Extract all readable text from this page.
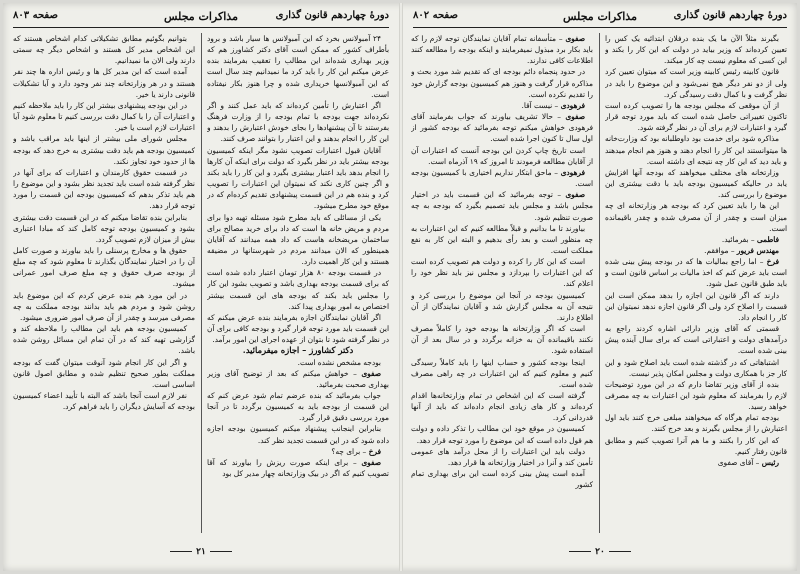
دورهٔ چهاردهم قانون گذاری
مذاکرات مجلس
صفحه ۸۰۳

۲۴ آمبولانس بخرد که این آمبولانس ها سیار باشد و برود بأطراف کشور که ممکن است آقای دکتر کشاورز هم که وزیر بهداری شده‌اند این مطالب را تعقیب بفرمایند بنده عرض میکنم این کار را باید کرد ما نمیدانیم چند سال است که این آمبولانسها خریداری شده و چرا هنوز بکار نیفتاده است.

اگر اعتبارش را تأمین کرده‌اند که باید عمل کنند و اگر نکرده‌اند جهت بودجه با تمام بودجه را از وزارت فرهنگ بفرستند تا آن پیشنهادها را بجای خودش اعتبارش را بدهند و این کار را انجام بدهند و این اعتبار را بتوانند صرف کنند.

آقایان قبول اعتبارات تصویب نشود مگر اینکه کمیسیون بودجه بیشتر باید در نظر بگیرد که دولت برای اینکه آن کارها را انجام بدهد باید اعتبار بیشتری بگیرد و این کار را باید بکند و اگر چنین کاری نکند که نمیتوان این اعتبارات را تصویب کرد و بنده هم در این قسمت پیشنهادی تقدیم کرده‌ام که در موقع خود مطرح میشود.

یکی از مسائلی که باید مطرح شود مسئله تهیه دوا برای مردم و مریض خانه ها است که داد برای خرید مصالح برای ساختمان مریضخانه هاست که داد همه میدانند که آقایان همینطور که الان میدانند مردم در شهرستانها در مضیقه هستند و این کار اهمیت دارد.

در قسمت بودجه ۸۰ هزار تومان اعتبار داده شده است که برای قسمت بودجه بهداری باشد و تصویب بشود این کار را مجلس باید بکند که بودجه های این قسمت بیشتر اختصاص به امور بهداری پیدا کند.

اگر آقایان نمایندگان اجازه بفرمایند بنده عرض میکنم که این قسمت باید مورد توجه قرار گیرد و بودجه کافی برای آن در نظر گرفته شود تا بتوان از عهده اجرای این امور برآمد.

دکتر کشاورز – اجازه میفرمائید.

بودجه مشخص نشده است.

صفوی – خواهش میکنم که بعد از توضیح آقای وزیر بهداری صحبت بفرمائید.

جواب بفرمائید که بنده عرضم تمام شود عرض کنم که این قسمت از بودجه باید به کمیسیون برگردد تا در آنجا مورد بررسی دقیق قرار گیرد.

بنابراین اینجانب پیشنهاد میکنم کمیسیون بودجه اجازه داده شود که در این قسمت تجدید نظر کند.

فرخ – برای چه؟

صفوی – برای اینکه صورت ریزش را بیاورند که آقا تصویب کنیم که اگر در بیک وزارتخانه چهار مدیر کل بود

بتوانیم بگوئیم مطابق تشکیلاتی کدام اشخاص هستند که این اشخاص مدیر کل هستند و اشخاص دیگر چه سمتی دارند ولی الان ما نمیدانیم.

آمده است که این مدیر کل ها و رئیس اداره ها چند نفر هستند و در هر وزارتخانه چند نفر وجود دارد و آیا تشکیلات قانونی دارند یا خیر.

در این بودجه پیشنهادی بیشتر این کار را باید ملاحظه کنیم و اعتبارات آن را با کمال دقت بررسی کنیم تا معلوم شود آیا اعتبارات لازم است یا خیر.

مجلس شورای ملی بیشتر از اینها باید مراقب باشد و کمیسیون بودجه هم باید دقت بیشتری به خرج دهد که بودجه ها از حدود خود تجاوز نکند.

در قسمت حقوق کارمندان و اعتبارات که برای آنها در نظر گرفته شده است باید تجدید نظر بشود و این موضوع را هم باید تذکر بدهم که کمیسیون بودجه این قسمت را مورد توجه قرار دهد.

بنابراین بنده تقاضا میکنم که در این قسمت دقت بیشتری بشود و کمیسیون بودجه توجه کامل کند که مبادا اعتباری بیش از میزان لازم تصویب گردد.

حقوق ها و مخارج پرسنلی را باید بیاورند و صورت کامل آن را در اختیار نمایندگان بگذارند تا معلوم شود که چه مبلغ از بودجه صرف حقوق و چه مبلغ صرف امور عمرانی میشود.

در این مورد هم بنده عرض کردم که این موضوع باید روشن شود و مردم هم باید بدانند بودجه مملکت به چه مصرفی میرسد و چقدر از آن صرف امور ضروری میشود.

کمیسیون بودجه هم باید این مطالب را ملاحظه کند و گزارشی تهیه کند که در آن تمام این مسائل روشن شده باشد.

و اگر این کار انجام شود آنوقت میتوان گفت که بودجه مملکت بطور صحیح تنظیم شده و مطابق اصول قانون اساسی است.

نفر لازم است آنجا باشد که البته با تأیید اعضاء کمیسیون بودجه که آسایش دیگران را باید فراهم کرد.

۲۱
دورهٔ چهاردهم قانون گذاری
مذاکرات مجلس
صفحه ۸۰۲

بگیرند مثلاً الآن ما یک بنده درفلان ابتدائیه یک کس را تعیین کرده‌اند که وزیر بیاید در دولت که این کار را بکند و این کسی که معلوم نیست چه کار میکند.

قانون کابینه رئیس کابینه وزیر است که میتوان تعیین کرد ولی از دو نفر دیگر هیچ نمی‌شود و این موضوع را باید در نظر گرفت و با کمال دقت رسیدگی کرد.

از آن موقعی که مجلس بودجه ها را تصویب کرده است تاکنون تغییراتی حاصل شده است که باید مورد توجه قرار گیرد و اعتبارات لازم برای آن در نظر گرفته شود.

مذاکره شود برای خدمت بود داوطلبانه بود که وزارت‌خانه ها میتوانستند این کار را انجام دهند و هنوز هم انجام میدهند و باید دید که این کار چه نتیجه ای داشته است.

وزارتخانه های مختلف میخواهند که بودجه آنها افزایش یابد در حالیکه کمیسیون بودجه باید با دقت بیشتری این موضوع را بررسی کند.

این ها را باید تعیین کرد که بودجه هر وزارتخانه ای چه میزان است و چقدر از آن مصرف شده و چقدر باقیمانده است.

فاطمی – بفرمائید.

مهندس فریور – موافقم.

فرخ – اما راجع بمالیات ها که در بودجه پیش بینی شده است باید عرض کنم که اخذ مالیات بر اساس قانون است و باید طبق قانون عمل شود.

دارند که اگر قانون این اجازه را بدهد ممکن است این قسمت را اصلاح کرد ولی اگر قانون اجازه ندهد نمیتوان این کار را انجام داد.

قسمتی که آقای وزیر دارائی اشاره کردند راجع به درآمدهای دولت و اعتباراتی است که برای سال آینده پیش بینی شده است.

اشتباهاتی که در گذشته شده است باید اصلاح شود و این کار جز با همکاری دولت و مجلس امکان پذیر نیست.

بنده از آقای وزیر تقاضا دارم که در این مورد توضیحات لازم را بفرمایند که معلوم شود این اعتبارات به چه مصرفی خواهد رسید.

بودجه تمام هرگاه که میخواهند مبلغی خرج کنند باید اول اعتبارش را از مجلس بگیرند و بعد خرج کنند.

که این کار را بکنند و ما هم آنرا تصویب کنیم و مطابق قانون رفتار کنیم.

رئیس – آقای صفوی

صفوی – متأسفانه تمام آقایان نمایندگان توجه لازم را که باید بکار برد مبذول نمیفرمایند و اینکه بودجه را مطالعه کنند اطلاعات کافی ندارند.

در حدود پنجماه دائم بودجه ای که تقدیم شد مورد بحث و مذاکره قرار گرفت و هنوز هم کمیسیون بودجه گزارش خود را تقدیم نکرده است.

فرهودی – نیست آقا.

صفوی – حالا تشریف بیاورند که جواب بفرمایند آقای فرهودی خواهش میکنم توجه بفرمائید که بودجه کشور از اول سال تا کنون اجرا شده است.

است تاریخ چاپ کردن این بودجه آنست که اعتبارات آن از آقایان مطالعه فرمودند تا امروز که ۱۹ آذرماه است.

فرهودی – ماحق ابتکار نداریم اختیاری با کمیسیون بودجه است.

صفوی – توجه بفرمائید که این قسمت باید در اختیار مجلس باشد و مجلس باید تصمیم بگیرد که بودجه به چه صورت تنظیم شود.

بیاورند تا ما بدانیم و قبلاً مطالعه کنیم که این اعتبارات به چه منظور است و بعد رأی بدهیم و البته این کار به نفع مملکت است.

است که این کار را کرده و دولت هم تصویب کرده است که این اعتبارات را بپردازد و مجلس نیز باید نظر خود را اعلام کند.

کمیسیون بودجه در آنجا این موضوع را بررسی کرد و نتیجه آن به مجلس گزارش شد و آقایان نمایندگان از آن اطلاع دارند.

است که اگر وزارتخانه ها بودجه خود را کاملاً مصرف نکنند باقیمانده آن به خزانه برگردد و در سال بعد از آن استفاده شود.

اینجا بودجه کشور و حساب اینها را باید کاملاً رسیدگی کنیم و معلوم کنیم که این اعتبارات در چه راهی مصرف شده است.

گرفته است که این اشخاص در تمام وزارتخانه‌ها اقدام کرده‌اند و کار های زیادی انجام داده‌اند که باید از آنها قدردانی کرد.

کمیسیون در موقع خود این مطالب را تذکر داده و دولت هم قول داده است که این موضوع را مورد توجه قرار دهد.

دولت باید این اعتبارات را از محل درآمد های عمومی تأمین کند و آنرا در اختیار وزارتخانه ها قرار دهد.

آمده است پیش بینی کرده است این برای بهداری تمام کشور

۲۰
